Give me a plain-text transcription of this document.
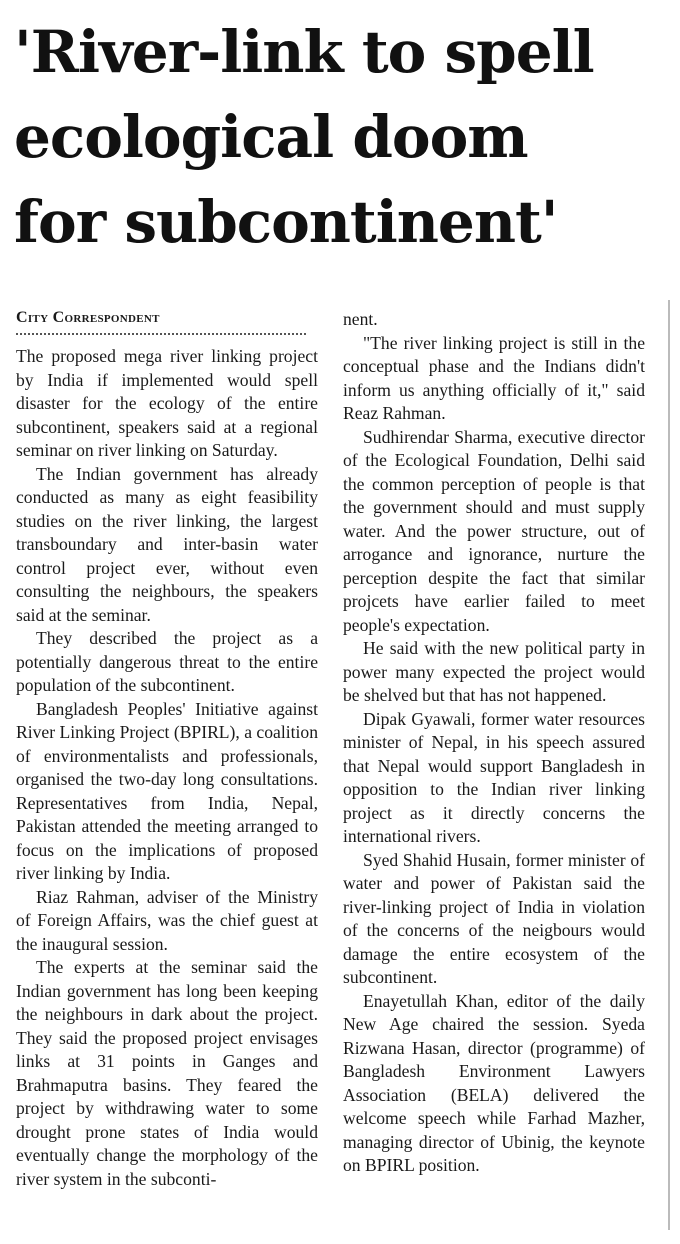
'River-link to spell
ecological doom
for subcontinent'
City Correspondent

The proposed mega river linking project by India if implemented would spell disaster for the ecology of the entire subcontinent, speakers said at a regional seminar on river linking on Saturday.

The Indian government has already conducted as many as eight feasibility studies on the river linking, the largest transboundary and inter-basin water control project ever, without even consulting the neighbours, the speakers said at the seminar.

They described the project as a potentially dangerous threat to the entire population of the subcontinent.

Bangladesh Peoples' Initiative against River Linking Project (BPIRL), a coalition of environmentalists and professionals, organised the two-day long consultations. Representatives from India, Nepal, Pakistan attended the meeting arranged to focus on the implications of proposed river linking by India.

Riaz Rahman, adviser of the Ministry of Foreign Affairs, was the chief guest at the inaugural session.

The experts at the seminar said the Indian government has long been keeping the neighbours in dark about the project. They said the proposed project envisages links at 31 points in Ganges and Brahmaputra basins. They feared the project by withdrawing water to some drought prone states of India would eventually change the morphology of the river system in the subconti-

nent.

"The river linking project is still in the conceptual phase and the Indians didn't inform us anything officially of it," said Reaz Rahman.

Sudhirendar Sharma, executive director of the Ecological Foundation, Delhi said the common perception of people is that the government should and must supply water. And the power structure, out of arrogance and ignorance, nurture the perception despite the fact that similar projcets have earlier failed to meet people's expectation.

He said with the new political party in power many expected the project would be shelved but that has not happened.

Dipak Gyawali, former water resources minister of Nepal, in his speech assured that Nepal would support Bangladesh in opposition to the Indian river linking project as it directly concerns the international rivers.

Syed Shahid Husain, former minister of water and power of Pakistan said the river-linking project of India in violation of the concerns of the neigbours would damage the entire ecosystem of the subcontinent.

Enayetullah Khan, editor of the daily New Age chaired the session. Syeda Rizwana Hasan, director (programme) of Bangladesh Environment Lawyers Association (BELA) delivered the welcome speech while Farhad Mazher, managing director of Ubinig, the keynote on BPIRL position.
